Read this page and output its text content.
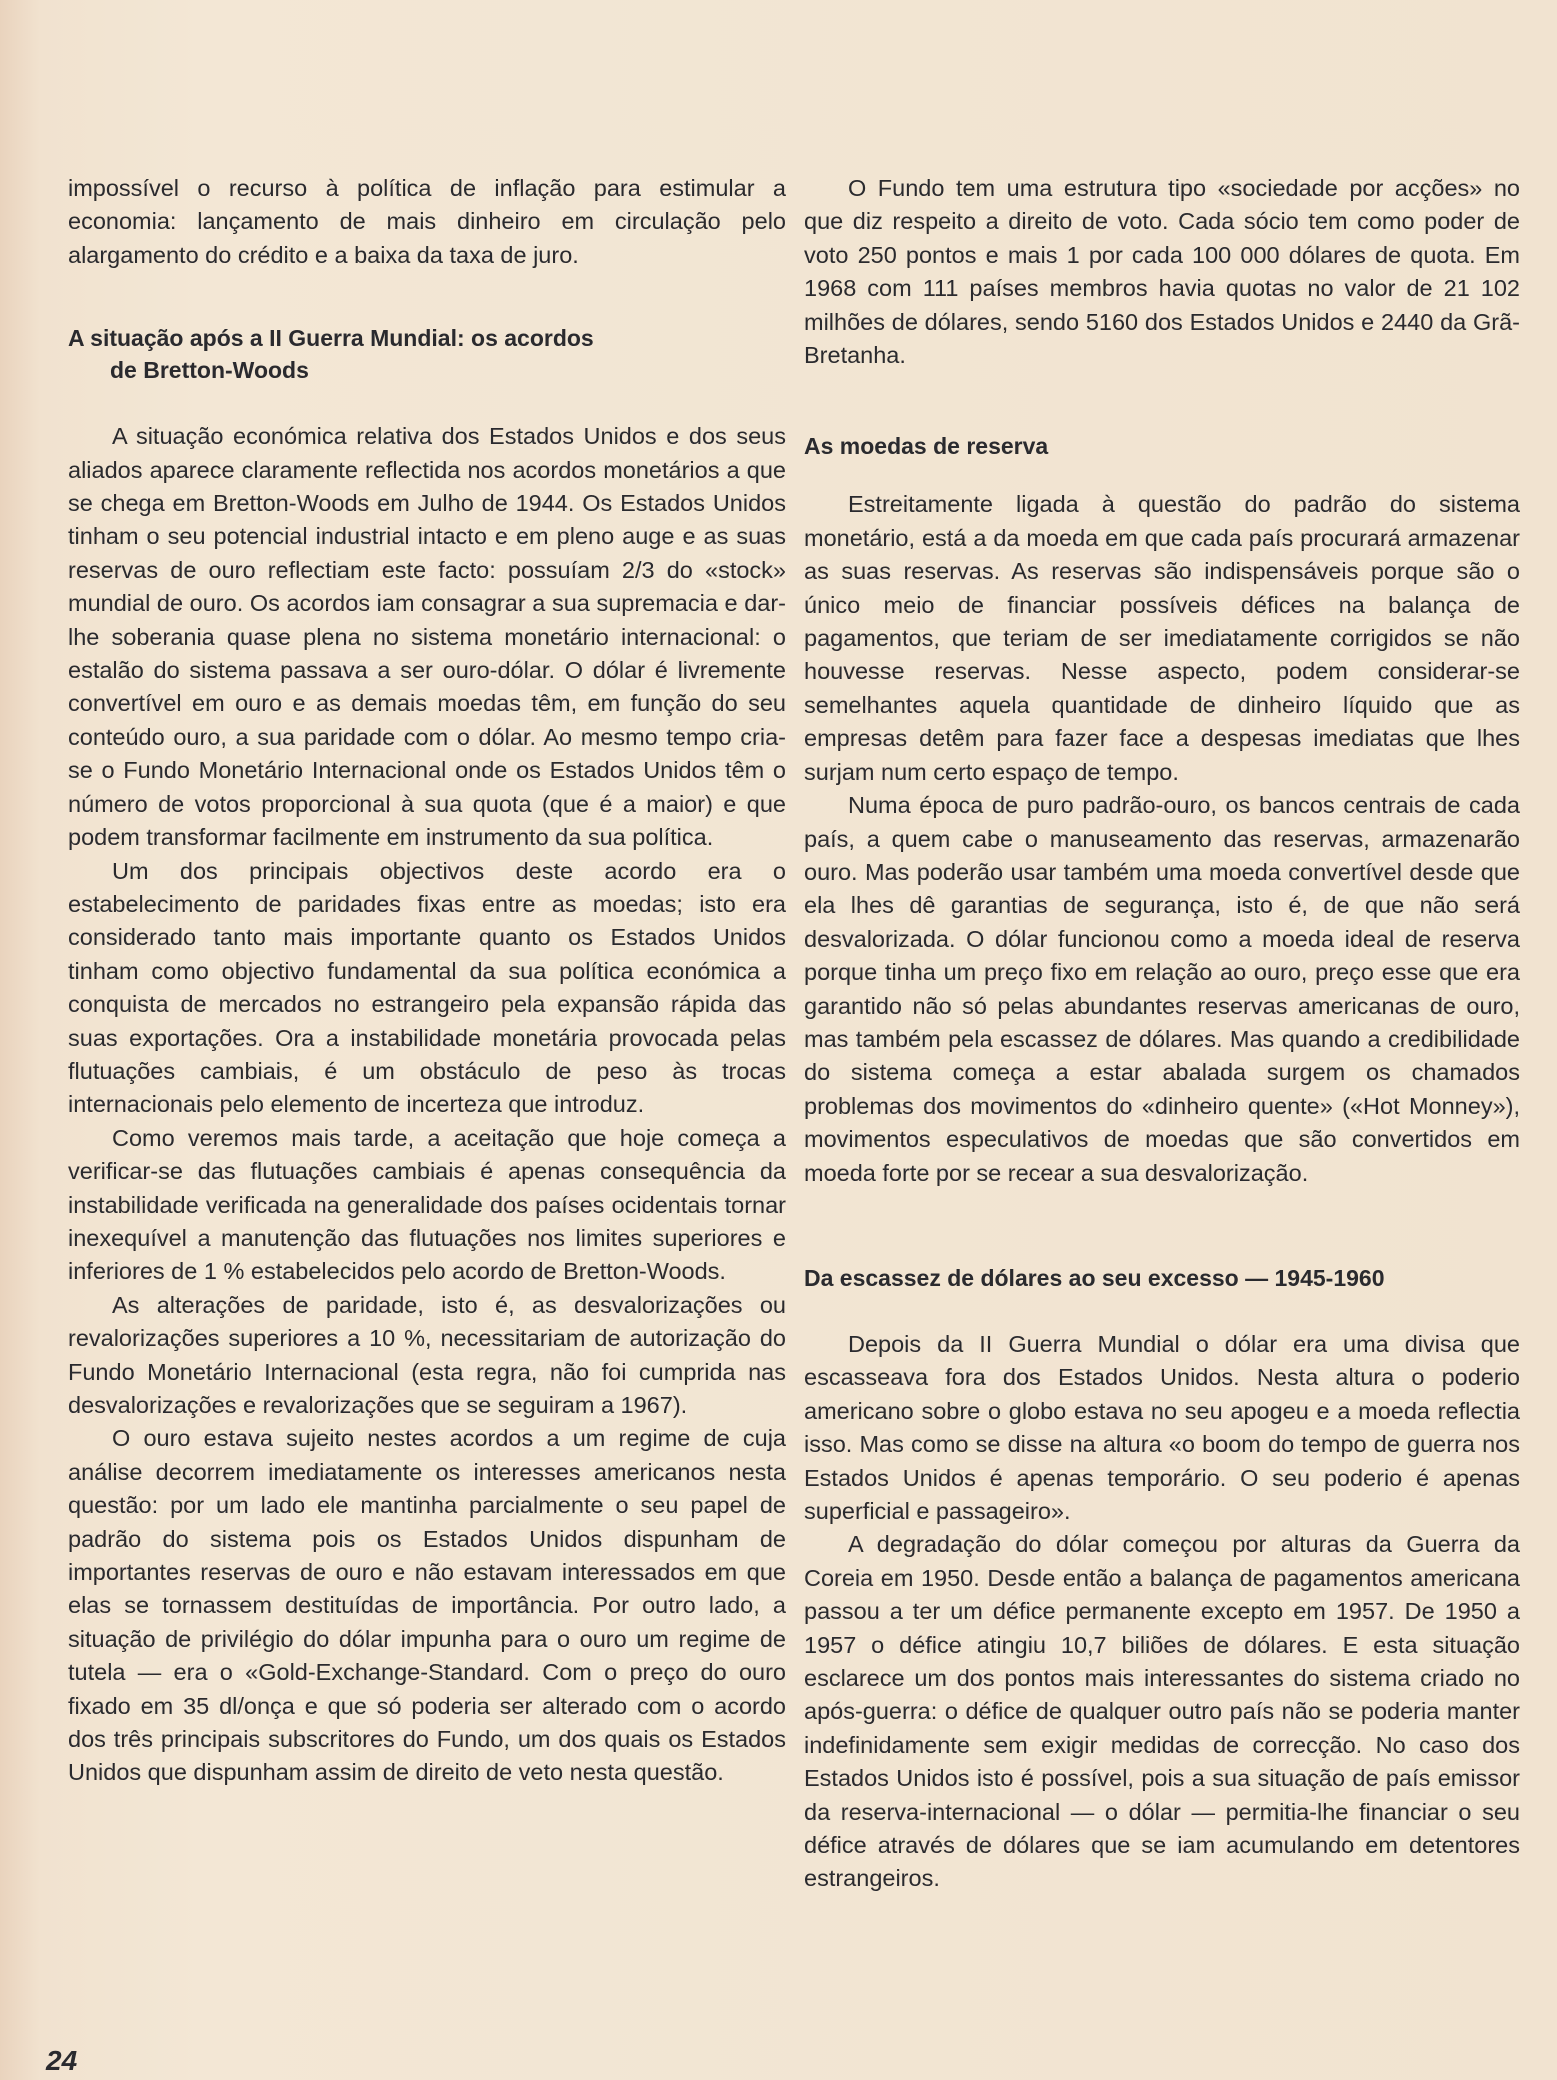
impossível o recurso à política de inflação para estimular a economia: lançamento de mais dinheiro em circulação pelo alargamento do crédito e a baixa da taxa de juro.

A situação após a II Guerra Mundial: os acordos
de Bretton-Woods

A situação económica relativa dos Estados Unidos e dos seus aliados aparece claramente reflectida nos acordos monetários a que se chega em Bretton-Woods em Julho de 1944. Os Estados Unidos tinham o seu potencial industrial intacto e em pleno auge e as suas reservas de ouro reflectiam este facto: possuíam 2/3 do «stock» mundial de ouro. Os acordos iam consagrar a sua supremacia e dar-lhe soberania quase plena no sistema monetário internacional: o estalão do sistema passava a ser ouro-dólar. O dólar é livremente convertível em ouro e as demais moedas têm, em função do seu conteúdo ouro, a sua paridade com o dólar. Ao mesmo tempo cria-se o Fundo Monetário Internacional onde os Estados Unidos têm o número de votos proporcional à sua quota (que é a maior) e que podem transformar facilmente em instrumento da sua política.

Um dos principais objectivos deste acordo era o estabelecimento de paridades fixas entre as moedas; isto era considerado tanto mais importante quanto os Estados Unidos tinham como objectivo fundamental da sua política económica a conquista de mercados no estrangeiro pela expansão rápida das suas exportações. Ora a instabilidade monetária provocada pelas flutuações cambiais, é um obstáculo de peso às trocas internacionais pelo elemento de incerteza que introduz.

Como veremos mais tarde, a aceitação que hoje começa a verificar-se das flutuações cambiais é apenas consequência da instabilidade verificada na generalidade dos países ocidentais tornar inexequível a manutenção das flutuações nos limites superiores e inferiores de 1 % estabelecidos pelo acordo de Bretton-Woods.

As alterações de paridade, isto é, as desvalorizações ou revalorizações superiores a 10 %, necessitariam de autorização do Fundo Monetário Internacional (esta regra, não foi cumprida nas desvalorizações e revalorizações que se seguiram a 1967).

O ouro estava sujeito nestes acordos a um regime de cuja análise decorrem imediatamente os interesses americanos nesta questão: por um lado ele mantinha parcialmente o seu papel de padrão do sistema pois os Estados Unidos dispunham de importantes reservas de ouro e não estavam interessados em que elas se tornassem destituídas de importância. Por outro lado, a situação de privilégio do dólar impunha para o ouro um regime de tutela — era o «Gold-Exchange-Standard. Com o preço do ouro fixado em 35 dl/onça e que só poderia ser alterado com o acordo dos três principais subscritores do Fundo, um dos quais os Estados Unidos que dispunham assim de direito de veto nesta questão.

O Fundo tem uma estrutura tipo «sociedade por acções» no que diz respeito a direito de voto. Cada sócio tem como poder de voto 250 pontos e mais 1 por cada 100 000 dólares de quota. Em 1968 com 111 países membros havia quotas no valor de 21 102 milhões de dólares, sendo 5160 dos Estados Unidos e 2440 da Grã-Bretanha.

As moedas de reserva

Estreitamente ligada à questão do padrão do sistema monetário, está a da moeda em que cada país procurará armazenar as suas reservas. As reservas são indispensáveis porque são o único meio de financiar possíveis défices na balança de pagamentos, que teriam de ser imediatamente corrigidos se não houvesse reservas. Nesse aspecto, podem considerar-se semelhantes aquela quantidade de dinheiro líquido que as empresas detêm para fazer face a despesas imediatas que lhes surjam num certo espaço de tempo.

Numa época de puro padrão-ouro, os bancos centrais de cada país, a quem cabe o manuseamento das reservas, armazenarão ouro. Mas poderão usar também uma moeda convertível desde que ela lhes dê garantias de segurança, isto é, de que não será desvalorizada. O dólar funcionou como a moeda ideal de reserva porque tinha um preço fixo em relação ao ouro, preço esse que era garantido não só pelas abundantes reservas americanas de ouro, mas também pela escassez de dólares. Mas quando a credibilidade do sistema começa a estar abalada surgem os chamados problemas dos movimentos do «dinheiro quente» («Hot Monney»), movimentos especulativos de moedas que são convertidos em moeda forte por se recear a sua desvalorização.

Da escassez de dólares ao seu excesso — 1945-1960

Depois da II Guerra Mundial o dólar era uma divisa que escasseava fora dos Estados Unidos. Nesta altura o poderio americano sobre o globo estava no seu apogeu e a moeda reflectia isso. Mas como se disse na altura «o boom do tempo de guerra nos Estados Unidos é apenas temporário. O seu poderio é apenas superficial e passageiro».

A degradação do dólar começou por alturas da Guerra da Coreia em 1950. Desde então a balança de pagamentos americana passou a ter um défice permanente excepto em 1957. De 1950 a 1957 o défice atingiu 10,7 biliões de dólares. E esta situação esclarece um dos pontos mais interessantes do sistema criado no após-guerra: o défice de qualquer outro país não se poderia manter indefinidamente sem exigir medidas de correcção. No caso dos Estados Unidos isto é possível, pois a sua situação de país emissor da reserva-internacional — o dólar — permitia-lhe financiar o seu défice através de dólares que se iam acumulando em detentores estrangeiros.

24
